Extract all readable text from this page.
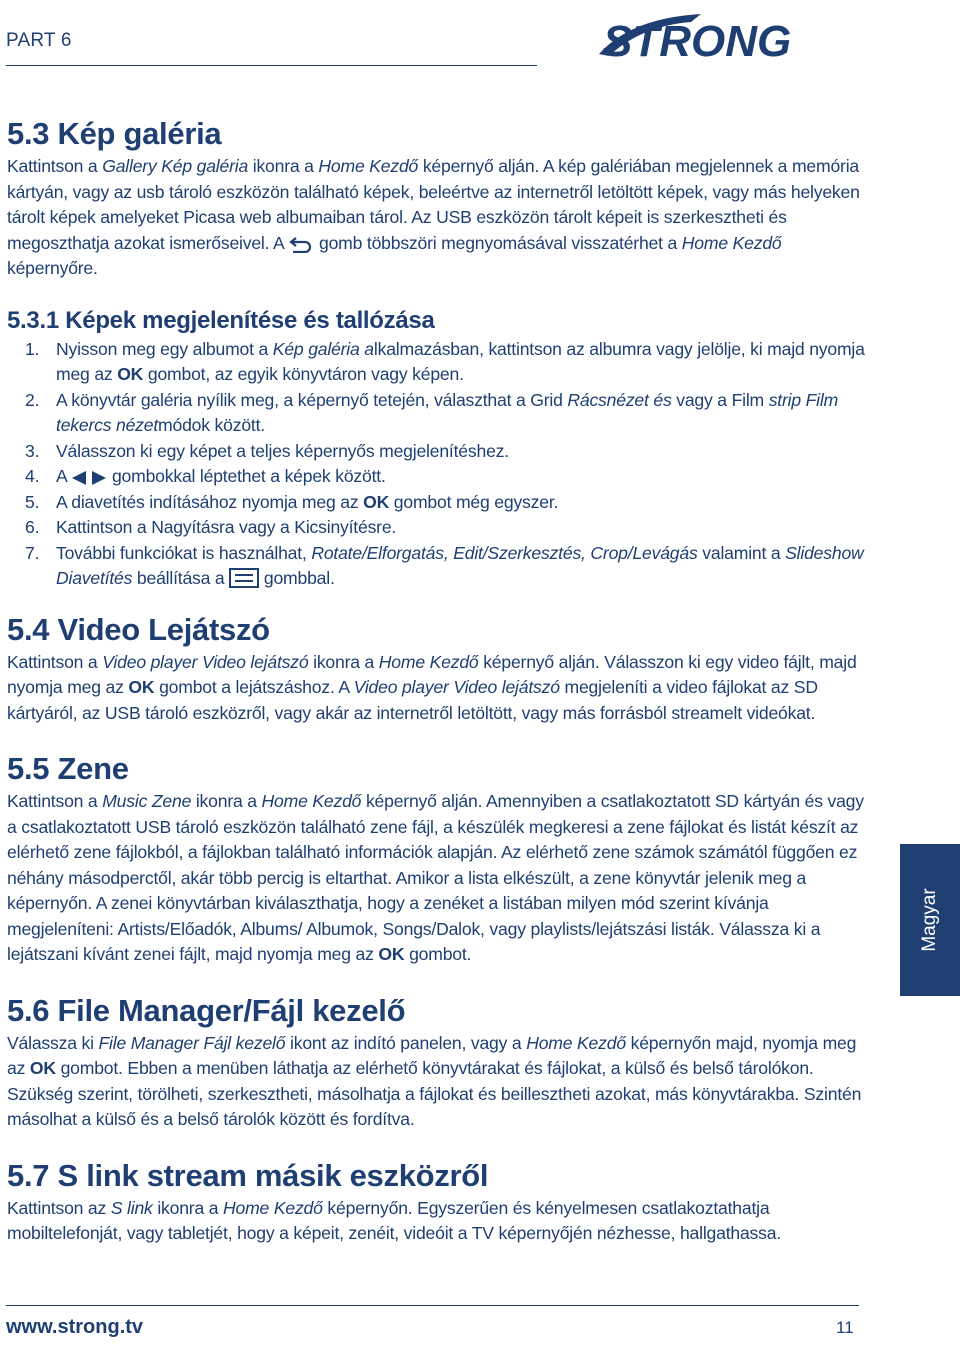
PART 6	STRONG
5.3 Kép galéria

Kattintson a Gallery Kép galéria ikonra a Home Kezdő képernyő alján. A kép galériában megjelennek a memória kártyán, vagy az usb tároló eszközön található képek, beleértve az internetről letöltött képek, vagy más helyeken tárolt képek amelyeket Picasa web albumaiban tárol. Az USB eszközön tárolt képeit is szerkesztheti és megoszthatja azokat ismerőseivel. A  gomb többszöri megnyomásával visszatérhet a Home Kezdő képernyőre.

5.3.1 Képek megjelenítése és tallózása
1. Nyisson meg egy albumot a Kép galéria alkalmazásban, kattintson az albumra vagy jelölje, ki majd nyomja meg az OK gombot, az egyik könyvtáron vagy képen.
2. A könyvtár galéria nyílik meg, a képernyő tetején, választhat a Grid Rácsnézet és vagy a Film strip Film tekercs nézetmódok között.
3. Válasszon ki egy képet a teljes képernyős megjelenítéshez.
4. A  gombokkal léptethet a képek között.
5. A diavetítés indításához nyomja meg az OK gombot még egyszer.
6. Kattintson a Nagyításra vagy a Kicsinyítésre.
7. További funkciókat is használhat, Rotate/Elforgatás, Edit/Szerkesztés, Crop/Levágás valamint a Slideshow Diavetítés beállítása a  gombbal.
5.4 Video Lejátszó

Kattintson a Video player Video lejátszó ikonra a Home Kezdő képernyő alján. Válasszon ki egy video fájlt, majd nyomja meg az OK gombot a lejátszáshoz. A Video player Video lejátszó megjeleníti a video fájlokat az SD kártyáról, az USB tároló eszközről, vagy akár az internetről letöltött, vagy más forrásból streamelt videókat.

5.5 Zene

Kattintson a Music Zene ikonra a Home Kezdő képernyő alján. Amennyiben a csatlakoztatott SD kártyán és vagy a csatlakoztatott USB tároló eszközön található zene fájl, a készülék megkeresi a zene fájlokat és listát készít az elérhető zene fájlokból, a fájlokban található információk alapján. Az elérhető zene számok számától függően ez néhány másodperctől, akár több percig is eltarthat. Amikor a lista elkészült, a zene könyvtár jelenik meg a képernyőn. A zenei könyvtárban kiválaszthatja, hogy a zenéket a listában milyen mód szerint kívánja megjeleníteni: Artists/Előadók, Albums/ Albumok, Songs/Dalok, vagy playlists/lejátszási listák. Válassza ki a lejátszani kívánt zenei fájlt, majd nyomja meg az OK gombot.

5.6 File Manager/Fájl kezelő

Válassza ki File Manager Fájl kezelő ikont az indító panelen, vagy a Home Kezdő képernyőn majd, nyomja meg az OK gombot. Ebben a menüben láthatja az elérhető könyvtárakat és fájlokat, a külső és belső tárolókon. Szükség szerint, törölheti, szerkesztheti, másolhatja a fájlokat és beillesztheti azokat, más könyvtárakba. Szintén másolhat a külső és a belső tárolók között és fordítva.

5.7 S link stream másik eszközről

Kattintson az S link ikonra a Home Kezdő képernyőn. Egyszerűen és kényelmesen csatlakoztathatja mobiltelefonját, vagy tabletjét, hogy a képeit, zenéit, videóit a TV képernyőjén nézhesse, hallgathassa.

Magyar
www.strong.tv	11
